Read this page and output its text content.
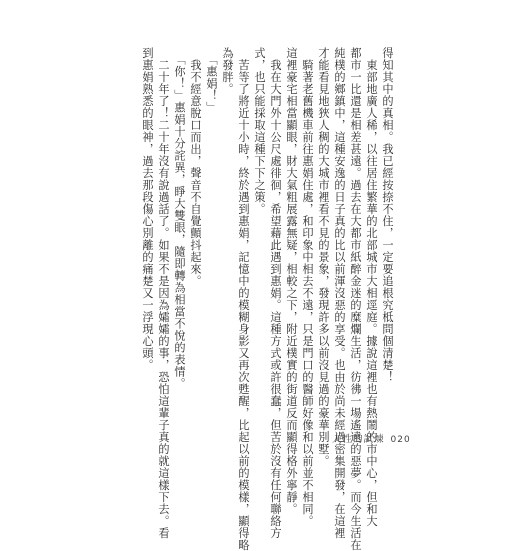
得知其中的真相。我已經按捺不住，一定要追根究柢問個清楚！
　東部地廣人稀，以往居住繁華的北部城市大相逕庭。據說這裡也有熱鬧的市中心，但和大
都市一比還是相差甚遠。過去在大都市紙醉金迷的糜爛生活，彷彿一場遙遠的惡夢。而今生活在
純樸的鄉鎮中，這種安逸的日子真的比以前渾沒惡的享受。也由於尚未經過密集開發，在這裡
才能看見地狹人稠的大城市裡看不見的景象，發現許多以前沒見過的豪華別墅。
　騎著老舊機車前往惠娟住處，和印象中相去不遠，只是門口的醫師好像和以前並不相同。
這裡豪宅相當顯眼，財大氣粗展露無疑，相較之下，附近樸實的街道反而顯得格外寧靜。
　我在大門外十公尺處徘徊，希望藉此遇到惠娟。這種方式或許很蠢，但苦於沒有任何聯絡方
式，也只能採取這種下下之策。
　苦等了將近十小時，終於遇到惠娟，記憶中的模糊身影又再次甦醒，比起以前的模樣，顯得略
為發胖。
　「惠娟！」
　我不經意脫口而出，聲音不自覺顫抖起來。
　「你！」惠娟十分詫異，睜大雙眼，隨即轉為相當不悅的表情。
　二十年了！二十年沒有說過話了。如果不是因為孀孀的事，恐怕這輩子真的就這樣下去。看
到惠娟熟悉的眼神，過去那段傷心別離的痛楚又一浮現心頭。
人性的試煉 020
